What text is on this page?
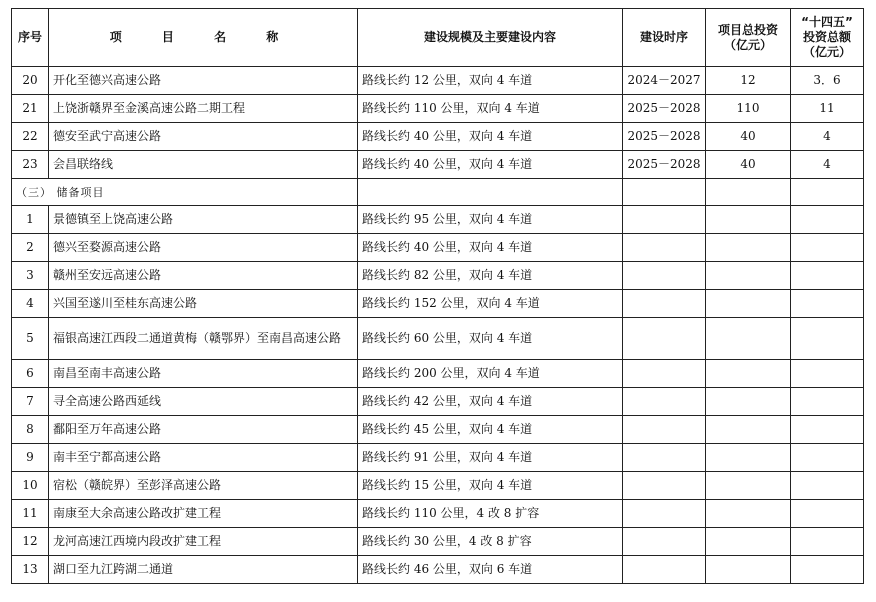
序号	项 目 名 称	建设规模及主要建设内容	建设时序	项目总投资
（亿元）	“十四五”
投资总额
（亿元）
20	开化至德兴高速公路	路线长约 12 公里，双向 4 车道	2024－2027	12	3．6
21	上饶浙赣界至金溪高速公路二期工程	路线长约 110 公里，双向 4 车道	2025－2028	110	11
22	德安至武宁高速公路	路线长约 40 公里，双向 4 车道	2025－2028	40	4
23	会昌联络线	路线长约 40 公里，双向 4 车道	2025－2028	40	4
（三） 储备项目					
1	景德镇至上饶高速公路	路线长约 95 公里，双向 4 车道			
2	德兴至婺源高速公路	路线长约 40 公里，双向 4 车道			
3	赣州至安远高速公路	路线长约 82 公里，双向 4 车道			
4	兴国至遂川至桂东高速公路	路线长约 152 公里，双向 4 车道			
5	福银高速江西段二通道黄梅（赣鄂界）至南昌高速公路	路线长约 60 公里，双向 4 车道			
6	南昌至南丰高速公路	路线长约 200 公里，双向 4 车道			
7	寻全高速公路西延线	路线长约 42 公里，双向 4 车道			
8	鄱阳至万年高速公路	路线长约 45 公里，双向 4 车道			
9	南丰至宁都高速公路	路线长约 91 公里，双向 4 车道			
10	宿松（赣皖界）至彭泽高速公路	路线长约 15 公里，双向 4 车道			
11	南康至大余高速公路改扩建工程	路线长约 110 公里，4 改 8 扩容			
12	龙河高速江西境内段改扩建工程	路线长约 30 公里，4 改 8 扩容			
13	湖口至九江跨湖二通道	路线长约 46 公里，双向 6 车道			
